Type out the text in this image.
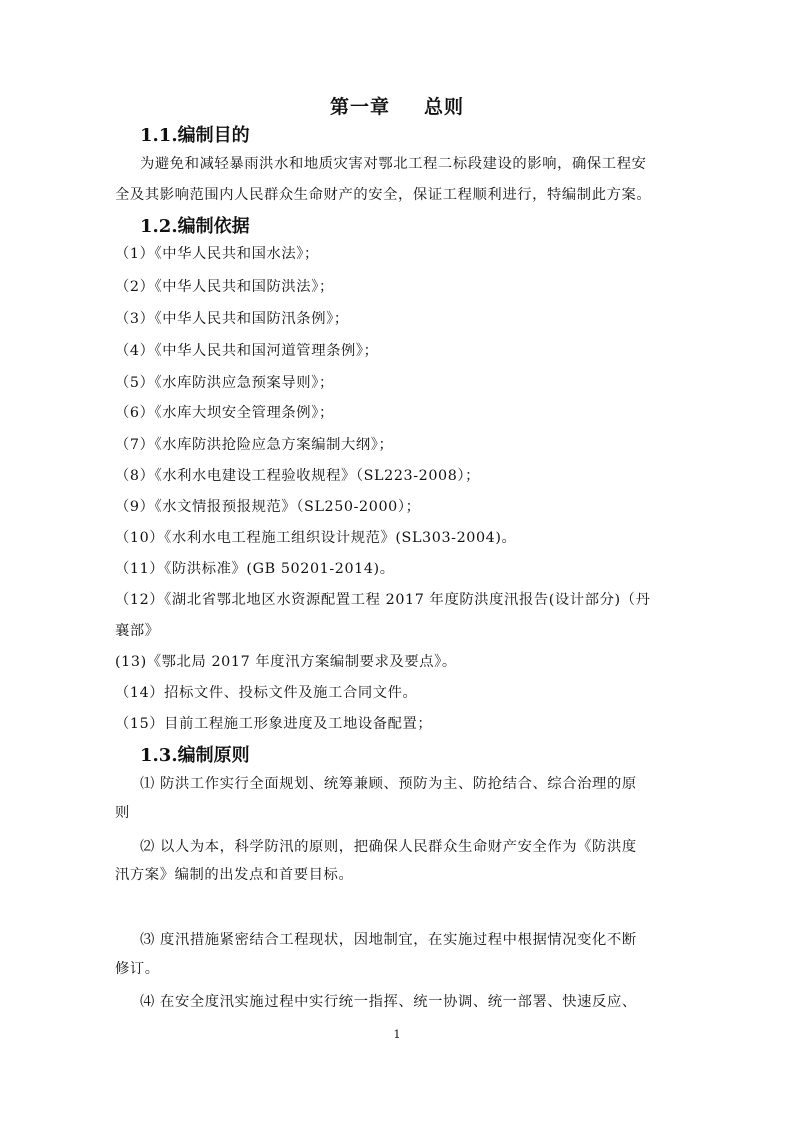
第一章 总则
1.1.编制目的
为避免和减轻暴雨洪水和地质灾害对鄂北工程二标段建设的影响，确保工程安
全及其影响范围内人民群众生命财产的安全，保证工程顺利进行，特编制此方案。
1.2.编制依据
（1）《中华人民共和国水法》；
（2）《中华人民共和国防洪法》；
（3）《中华人民共和国防汛条例》；
（4）《中华人民共和国河道管理条例》；
（5）《水库防洪应急预案导则》；
（6）《水库大坝安全管理条例》；
（7）《水库防洪抢险应急方案编制大纲》；
（8）《水利水电建设工程验收规程》（SL223-2008）；
（9）《水文情报预报规范》（SL250-2000）；
（10）《水利水电工程施工组织设计规范》(SL303-2004)。
（11）《防洪标准》(GB 50201-2014)。
（12）《湖北省鄂北地区水资源配置工程 2017 年度防洪度汛报告(设计部分)（丹
襄部》
(13)《鄂北局 2017 年度汛方案编制要求及要点》。
（14）招标文件、投标文件及施工合同文件。
（15）目前工程施工形象进度及工地设备配置；
1.3.编制原则
⑴ 防洪工作实行全面规划、统筹兼顾、预防为主、防抢结合、综合治理的原
则
⑵ 以人为本，科学防汛的原则，把确保人民群众生命财产安全作为《防洪度
汛方案》编制的出发点和首要目标。
⑶ 度汛措施紧密结合工程现状，因地制宜，在实施过程中根据情况变化不断
修订。
⑷ 在安全度汛实施过程中实行统一指挥、统一协调、统一部署、快速反应、
1
